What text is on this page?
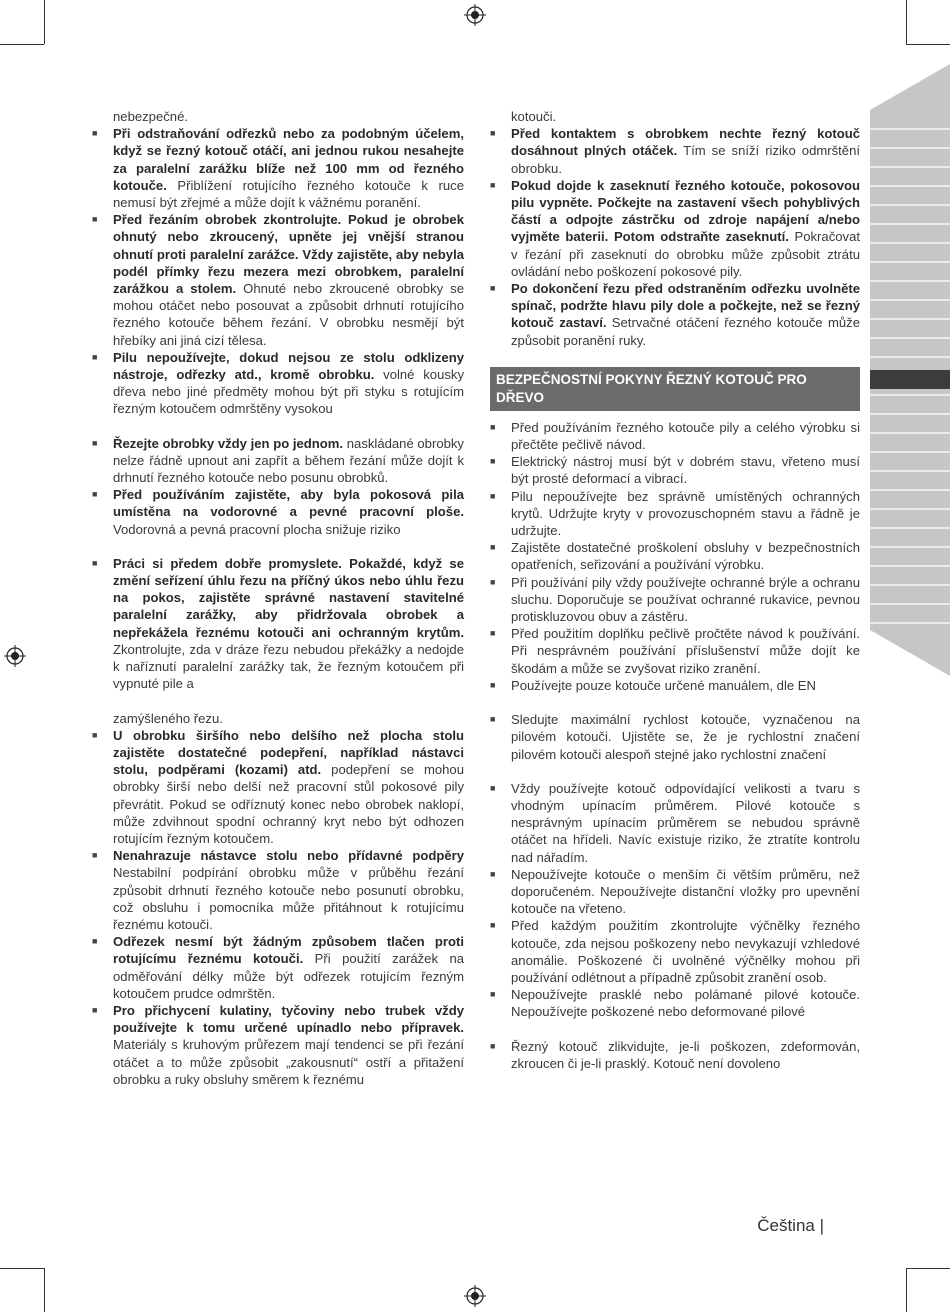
nebezpečné.

■ Při odstraňování odřezků nebo za podobným účelem, když se řezný kotouč otáčí, ani jednou rukou nesahejte za paralelní zarážku blíže než 100 mm od řezného kotouče. Přiblížení rotujícího řezného kotouče k ruce nemusí být zřejmé a může dojít k vážnému poranění.

■ Před řezáním obrobek zkontrolujte. Pokud je obrobek ohnutý nebo zkroucený, upněte jej vnější stranou ohnutí proti paralelní zarážce. Vždy zajistěte, aby nebyla podél přímky řezu mezera mezi obrobkem, paralelní zarážkou a stolem. Ohnuté nebo zkroucené obrobky se mohou otáčet nebo posouvat a způsobit drhnutí rotujícího řezného kotouče během řezání. V obrobku nesmějí být hřebíky ani jiná cizí tělesa.

■ Pilu nepoužívejte, dokud nejsou ze stolu odklizeny nástroje, odřezky atd., kromě obrobku. volné kousky dřeva nebo jiné předměty mohou být při styku s rotujícím řezným kotoučem odmrštěny vysokou

■ Řezejte obrobky vždy jen po jednom. naskládané obrobky nelze řádně upnout ani zapřít a během řezání může dojít k drhnutí řezného kotouče nebo posunu obrobků.

■ Před používáním zajistěte, aby byla pokosová pila umístěna na vodorovné a pevné pracovní ploše. Vodorovná a pevná pracovní plocha snižuje riziko

■ Práci si předem dobře promyslete. Pokaždé, když se změní seřízení úhlu řezu na příčný úkos nebo úhlu řezu na pokos, zajistěte správné nastavení stavitelné paralelní zarážky, aby přidržovala obrobek a nepřekážela řeznému kotouči ani ochranným krytům. Zkontrolujte, zda v dráze řezu nebudou překážky a nedojde k naříznutí paralelní zarážky tak, že řezným kotoučem při vypnuté pile a

zamýšleného řezu.

■ U obrobku širšího nebo delšího než plocha stolu zajistěte dostatečné podepření, například nástavci stolu, podpěrami (kozami) atd. podepření se mohou obrobky širší nebo delší než pracovní stůl pokosové pily převrátit. Pokud se odříznutý konec nebo obrobek naklopí, může zdvihnout spodní ochranný kryt nebo být odhozen rotujícím řezným kotoučem.

■ Nenahrazuje nástavce stolu nebo přídavné podpěry Nestabilní podpírání obrobku může v průběhu řezání způsobit drhnutí řezného kotouče nebo posunutí obrobku, což obsluhu i pomocníka může přitáhnout k rotujícímu řeznému kotouči.

■ Odřezek nesmí být žádným způsobem tlačen proti rotujícímu řeznému kotouči. Při použití zarážek na odměřování délky může být odřezek rotujícím řezným kotoučem prudce odmrštěn.

■ Pro přichycení kulatiny, tyčoviny nebo trubek vždy používejte k tomu určené upínadlo nebo přípravek. Materiály s kruhovým průřezem mají tendenci se při řezání otáčet a to může způsobit „zakousnutí“ ostří a přitažení obrobku a ruky obsluhy směrem k řeznému

kotouči.

■ Před kontaktem s obrobkem nechte řezný kotouč dosáhnout plných otáček. Tím se sníží riziko odmrštění obrobku.

■ Pokud dojde k zaseknutí řezného kotouče, pokosovou pilu vypněte. Počkejte na zastavení všech pohyblivých částí a odpojte zástrčku od zdroje napájení a/nebo vyjměte baterii. Potom odstraňte zaseknutí. Pokračovat v řezání při zaseknutí do obrobku může způsobit ztrátu ovládání nebo poškození pokosové pily.

■ Po dokončení řezu před odstraněním odřezku uvolněte spínač, podržte hlavu pily dole a počkejte, než se řezný kotouč zastaví. Setrvačné otáčení řezného kotouče může způsobit poranění ruky.

BEZPEČNOSTNÍ POKYNY ŘEZNÝ KOTOUČ PRO DŘEVO

■ Před používáním řezného kotouče pily a celého výrobku si přečtěte pečlivě návod.

■ Elektrický nástroj musí být v dobrém stavu, vřeteno musí být prosté deformací a vibrací.

■ Pilu nepoužívejte bez správně umístěných ochranných krytů. Udržujte kryty v provozuschopném stavu a řádně je udržujte.

■ Zajistěte dostatečné proškolení obsluhy v bezpečnostních opatřeních, seřizování a používání výrobku.

■ Při používání pily vždy používejte ochranné brýle a ochranu sluchu. Doporučuje se používat ochranné rukavice, pevnou protiskluzovou obuv a zástěru.

■ Před použitím doplňku pečlivě pročtěte návod k používání. Při nesprávném používání příslušenství může dojít ke škodám a může se zvyšovat riziko zranění.

■ Používejte pouze kotouče určené manuálem, dle EN

■ Sledujte maximální rychlost kotouče, vyznačenou na pilovém kotouči. Ujistěte se, že je rychlostní značení pilovém kotouči alespoň stejné jako rychlostní značení

■ Vždy používejte kotouč odpovídající velikosti a tvaru s vhodným upínacím průměrem. Pilové kotouče s nesprávným upínacím průměrem se nebudou správně otáčet na hřídeli. Navíc existuje riziko, že ztratíte kontrolu nad nářadím.

■ Nepoužívejte kotouče o menším či větším průměru, než doporučeném. Nepoužívejte distanční vložky pro upevnění kotouče na vřeteno.

■ Před každým použitím zkontrolujte výčnělky řezného kotouče, zda nejsou poškozeny nebo nevykazují vzhledové anomálie. Poškozené či uvolněné výčnělky mohou při používání odlétnout a případně způsobit zranění osob.

■ Nepoužívejte prasklé nebo polámané pilové kotouče. Nepoužívejte poškozené nebo deformované pilové

■ Řezný kotouč zlikvidujte, je-li poškozen, zdeformován, zkroucen či je-li prasklý. Kotouč není dovoleno

Čeština |
